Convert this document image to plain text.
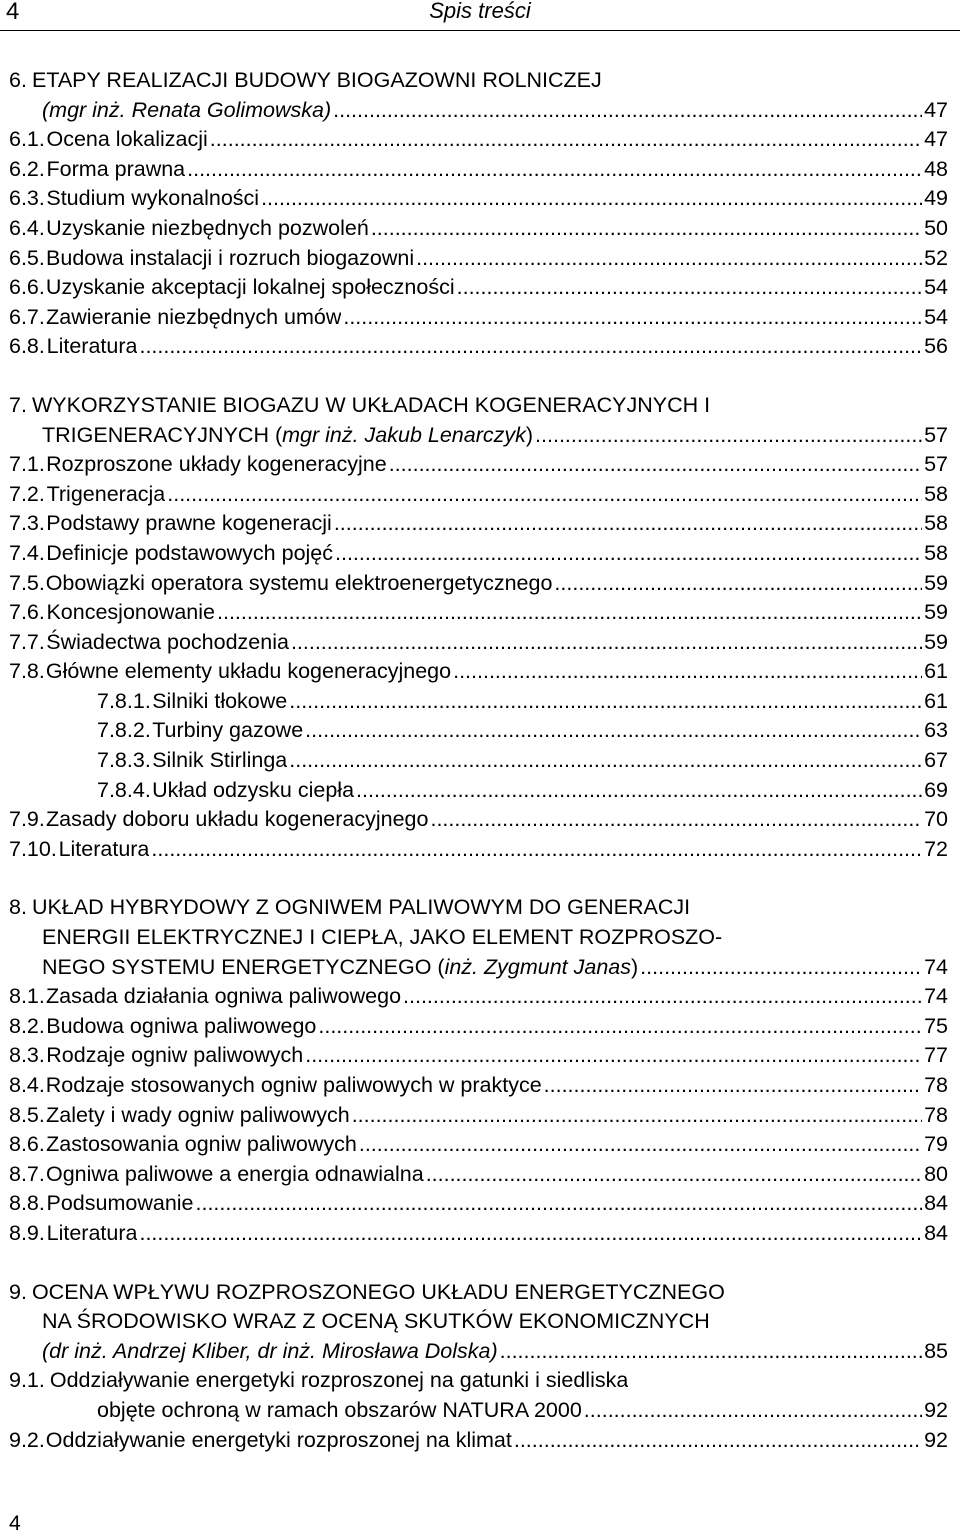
4	Spis treści
6. ETAPY REALIZACJI BUDOWY BIOGAZOWNI ROLNICZEJ
(mgr inż. Renata Golimowska) .....	47
6.1. Ocena lokalizacji .....	47
6.2. Forma prawna .....	48
6.3. Studium wykonalności .....	49
6.4. Uzyskanie niezbędnych pozwoleń .....	50
6.5. Budowa instalacji i rozruch biogazowni .....	52
6.6. Uzyskanie akceptacji lokalnej społeczności .....	54
6.7. Zawieranie niezbędnych umów .....	54
6.8. Literatura .....	56
7. WYKORZYSTANIE BIOGAZU W UKŁADACH KOGENERACYJNYCH I
TRIGENERACYJNYCH ( mgr inż. Jakub Lenarczyk ) .....	57
7.1. Rozproszone układy kogeneracyjne .....	57
7.2. Trigeneracja .....	58
7.3. Podstawy prawne kogeneracji .....	58
7.4. Definicje podstawowych pojęć .....	58
7.5. Obowiązki operatora systemu elektroenergetycznego .....	59
7.6. Koncesjonowanie .....	59
7.7. Świadectwa pochodzenia .....	59
7.8. Główne elementy układu kogeneracyjnego .....	61
7.8.1. Silniki tłokowe .....	61
7.8.2. Turbiny gazowe .....	63
7.8.3. Silnik Stirlinga .....	67
7.8.4. Układ odzysku ciepła .....	69
7.9. Zasady doboru układu kogeneracyjnego .....	70
7.10. Literatura .....	72
8. UKŁAD HYBRYDOWY Z OGNIWEM PALIWOWYM DO GENERACJI
ENERGII ELEKTRYCZNEJ I CIEPŁA, JAKO ELEMENT ROZPROSZO-
NEGO SYSTEMU ENERGETYCZNEGO ( inż. Zygmunt Janas ) .....	74
8.1. Zasada działania ogniwa paliwowego .....	74
8.2. Budowa ogniwa paliwowego .....	75
8.3. Rodzaje ogniw paliwowych .....	77
8.4. Rodzaje stosowanych ogniw paliwowych w praktyce .....	78
8.5. Zalety i wady ogniw paliwowych .....	78
8.6. Zastosowania ogniw paliwowych .....	79
8.7. Ogniwa paliwowe a energia odnawialna .....	80
8.8. Podsumowanie .....	84
8.9. Literatura .....	84
9. OCENA WPŁYWU ROZPROSZONEGO UKŁADU ENERGETYCZNEGO
NA ŚRODOWISKO WRAZ Z OCENĄ SKUTKÓW EKONOMICZNYCH
(dr inż. Andrzej Kliber, dr inż. Mirosława Dolska) .....	85
9.1. Oddziaływanie energetyki rozproszonej na gatunki i siedliska
objęte ochroną w ramach obszarów NATURA 2000 .....	92
9.2. Oddziaływanie energetyki rozproszonej na klimat .....	92
4
